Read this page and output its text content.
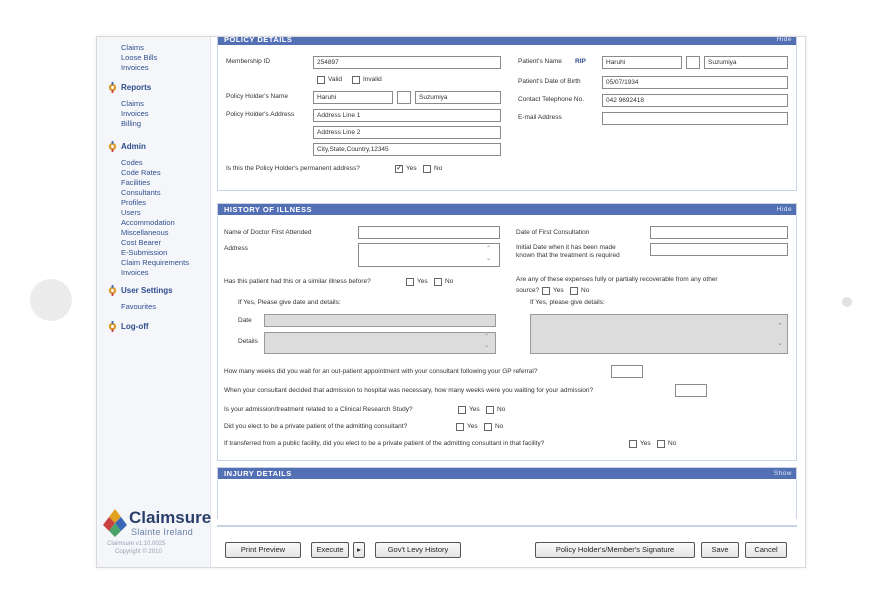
Claims
Loose Bills
Invoices
Reports
Claims
Invoices
Billing
Admin
Codes
Code Rates
Facilities
Consultants
Profiles
Users
Accommodation
Miscellaneous
Cost Bearer
E-Submission
Claim Requirements
Invoices
User Settings
Favourites
Log-off
Claimsure
Slainte Ireland
Claimsure v1.10.0025
Copyright © 2010
POLICY DETAILS	Hide
Membership ID	254897
Valid	Invalid
Policy Holder's Name	Haruhi	Suzumiya
Policy Holder's Address	Address Line 1
Address Line 2
City,State,Country,12345
Is this the Policy Holder's permanent address?
✓	Yes	No
Patient's Name RIP	Haruhi	Suzumiya
Patient's Date of Birth	05/07/1934
Contact Telephone No.	042 9692418
E-mail Address
HISTORY OF ILLNESS	Hide
Name of Doctor First Attended
Address	⌃
⌄
Date of First Consultation
Initial Date when it has been made
known that the treatment is required
Has this patient had this or a similar illness before?	Yes	No	Are any of these expenses fully or partially recoverable from any other
source? Yes	No
If Yes, Please give date and details:
Date
Details
⌃
⌄
If Yes, please give details:
⌃
⌄
How many weeks did you wait for an out-patient appointment with your consultant following your GP referral?
When your consultant decided that admission to hospital was necessary, how many weeks were you waiting for your admission?
Is your admission/treatment related to a Clinical Research Study?	Yes	No
Did you elect to be a private patient of the admitting consultant?	Yes	No
If transferred from a public facility, did you elect to be a private patient of the admitting consultant in that facility?	Yes	No
INJURY DETAILS	Show
Print Preview	Execute	▸	Gov't Levy History	Policy Holder's/Member's Signature	Save	Cancel
